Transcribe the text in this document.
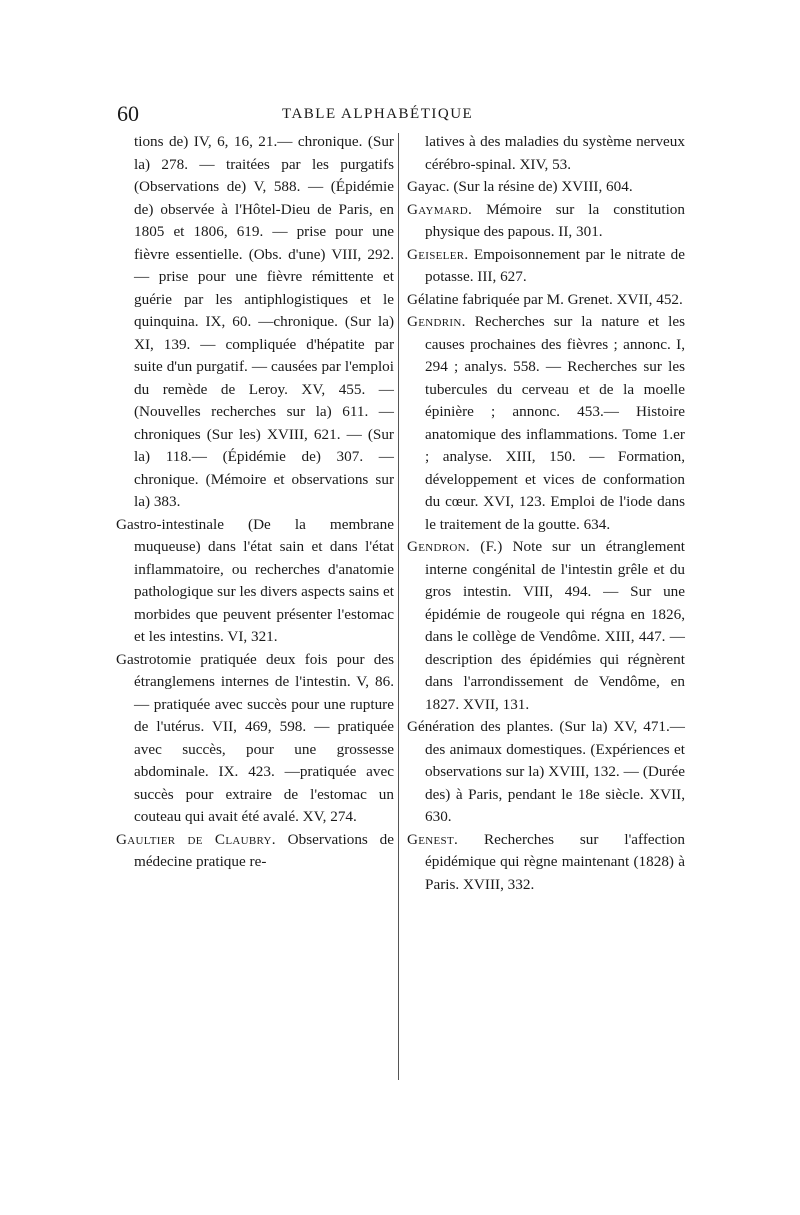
60	TABLE ALPHABÉTIQUE

tions de) IV, 6, 16, 21.— chronique. (Sur la) 278. — traitées par les purgatifs (Observations de) V, 588. — (Épidémie de) observée à l'Hôtel-Dieu de Paris, en 1805 et 1806, 619. — prise pour une fièvre essentielle. (Obs. d'une) VIII, 292.— prise pour une fièvre rémittente et guérie par les antiphlogistiques et le quinquina. IX, 60. —chronique. (Sur la) XI, 139. — compliquée d'hépatite par suite d'un purgatif. — causées par l'emploi du remède de Leroy. XV, 455. — (Nouvelles recherches sur la) 611. — chroniques (Sur les) XVIII, 621. — (Sur la) 118.— (Épidémie de) 307. — chronique. (Mémoire et observations sur la) 383.

Gastro-intestinale (De la membrane muqueuse) dans l'état sain et dans l'état inflammatoire, ou recherches d'anatomie pathologique sur les divers aspects sains et morbides que peuvent présenter l'estomac et les intestins. VI, 321.

Gastrotomie pratiquée deux fois pour des étranglemens internes de l'intestin. V, 86. — pratiquée avec succès pour une rupture de l'utérus. VII, 469, 598. — pratiquée avec succès, pour une grossesse abdominale. IX. 423. —pratiquée avec succès pour extraire de l'estomac un couteau qui avait été avalé. XV, 274.

Gaultier de Claubry. Observations de médecine pratique re-

latives à des maladies du système nerveux cérébro-spinal. XIV, 53.

Gayac. (Sur la résine de) XVIII, 604.

Gaymard. Mémoire sur la constitution physique des papous. II, 301.

Geiseler. Empoisonnement par le nitrate de potasse. III, 627.

Gélatine fabriquée par M. Grenet. XVII, 452.

Gendrin. Recherches sur la nature et les causes prochaines des fièvres ; annonc. I, 294 ; analys. 558. — Recherches sur les tubercules du cerveau et de la moelle épinière ; annonc. 453.— Histoire anatomique des inflammations. Tome 1.er ; analyse. XIII, 150. — Formation, développement et vices de conformation du cœur. XVI, 123. Emploi de l'iode dans le traitement de la goutte. 634.

Gendron. (F.) Note sur un étranglement interne congénital de l'intestin grêle et du gros intestin. VIII, 494. — Sur une épidémie de rougeole qui régna en 1826, dans le collège de Vendôme. XIII, 447. — description des épidémies qui régnèrent dans l'arrondissement de Vendôme, en 1827. XVII, 131.

Génération des plantes. (Sur la) XV, 471.— des animaux domestiques. (Expériences et observations sur la) XVIII, 132. — (Durée des) à Paris, pendant le 18e siècle. XVII, 630.

Genest. Recherches sur l'affection épidémique qui règne maintenant (1828) à Paris. XVIII, 332.
